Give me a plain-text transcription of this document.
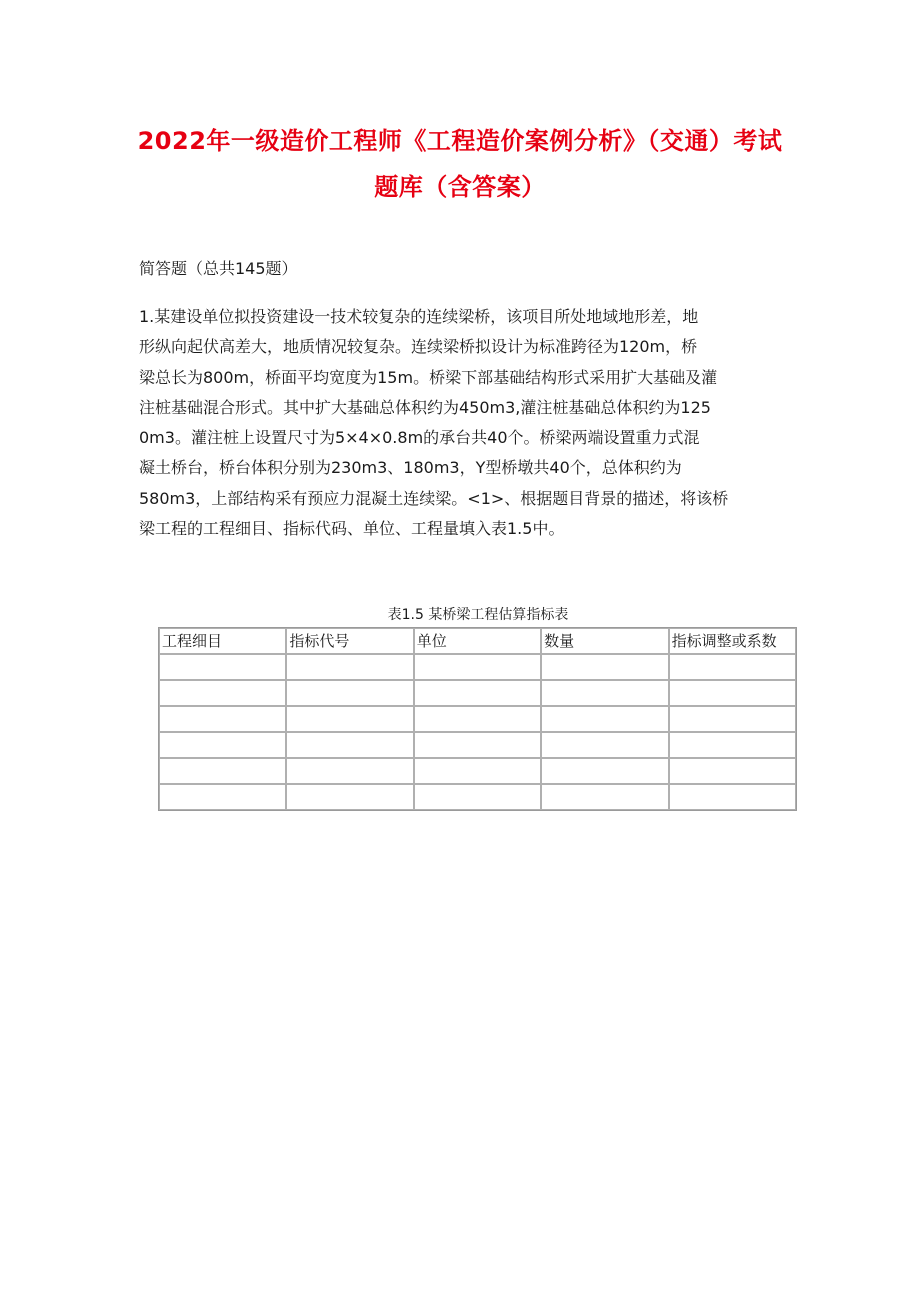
2022年一级造价工程师《工程造价案例分析》（交通）考试
题库（含答案）
简答题（总共145题）
1.某建设单位拟投资建设一技术较复杂的连续梁桥，该项目所处地域地形差，地
形纵向起伏高差大，地质情况较复杂。连续梁桥拟设计为标准跨径为120m，桥
梁总长为800m，桥面平均宽度为15m。桥梁下部基础结构形式采用扩大基础及灌
注桩基础混合形式。其中扩大基础总体积约为450m3,灌注桩基础总体积约为125
0m3。灌注桩上设置尺寸为5×4×0.8m的承台共40个。桥梁两端设置重力式混
凝土桥台，桥台体积分别为230m3、180m3，Y型桥墩共40个，总体积约为
580m3，上部结构采有预应力混凝土连续梁。<1>、根据题目背景的描述，将该桥
梁工程的工程细目、指标代码、单位、工程量填入表1.5中。
表1.5 某桥梁工程估算指标表
工程细目	指标代号	单位	数量	指标调整或系数
